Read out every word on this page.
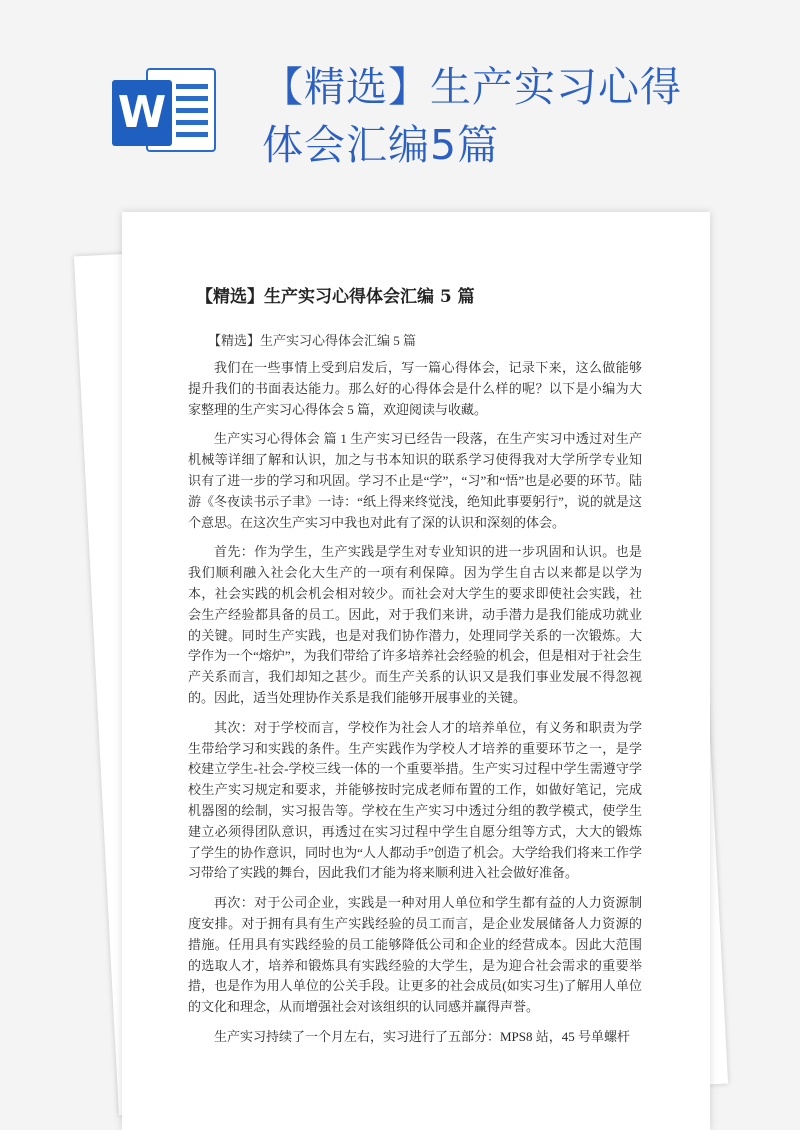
W 【精选】生产实习心得
体会汇编5篇
【精选】生产实习心得体会汇编 5 篇
【精选】生产实习心得体会汇编 5 篇

我们在一些事情上受到启发后，写一篇心得体会，记录下来，这么做能够提升我们的书面表达能力。那么好的心得体会是什么样的呢？以下是小编为大家整理的生产实习心得体会 5 篇，欢迎阅读与收藏。

生产实习心得体会 篇 1 生产实习已经告一段落，在生产实习中透过对生产机械等详细了解和认识，加之与书本知识的联系学习使得我对大学所学专业知识有了进一步的学习和巩固。学习不止是“学”，“习”和“悟”也是必要的环节。陆游《冬夜读书示子聿》一诗：“纸上得来终觉浅，绝知此事要躬行”，说的就是这个意思。在这次生产实习中我也对此有了深的认识和深刻的体会。

首先：作为学生，生产实践是学生对专业知识的进一步巩固和认识。也是我们顺利融入社会化大生产的一项有利保障。因为学生自古以来都是以学为本，社会实践的机会机会相对较少。而社会对大学生的要求即使社会实践，社会生产经验都具备的员工。因此，对于我们来讲，动手潜力是我们能成功就业的关键。同时生产实践，也是对我们协作潜力，处理同学关系的一次锻炼。大学作为一个“熔炉”，为我们带给了许多培养社会经验的机会，但是相对于社会生产关系而言，我们却知之甚少。而生产关系的认识又是我们事业发展不得忽视的。因此，适当处理协作关系是我们能够开展事业的关键。

其次：对于学校而言，学校作为社会人才的培养单位，有义务和职责为学生带给学习和实践的条件。生产实践作为学校人才培养的重要环节之一，是学校建立学生-社会-学校三线一体的一个重要举措。生产实习过程中学生需遵守学校生产实习规定和要求，并能够按时完成老师布置的工作，如做好笔记，完成机器图的绘制，实习报告等。学校在生产实习中透过分组的教学模式，使学生建立必须得团队意识，再透过在实习过程中学生自愿分组等方式，大大的锻炼了学生的协作意识，同时也为“人人都动手”创造了机会。大学给我们将来工作学习带给了实践的舞台，因此我们才能为将来顺利进入社会做好准备。

再次：对于公司企业，实践是一种对用人单位和学生都有益的人力资源制度安排。对于拥有具有生产实践经验的员工而言，是企业发展储备人力资源的措施。任用具有实践经验的员工能够降低公司和企业的经营成本。因此大范围的选取人才，培养和锻炼具有实践经验的大学生，是为迎合社会需求的重要举措，也是作为用人单位的公关手段。让更多的社会成员(如实习生)了解用人单位的文化和理念，从而增强社会对该组织的认同感并赢得声誉。

生产实习持续了一个月左右，实习进行了五部分：MPS8 站，45 号单螺杆
